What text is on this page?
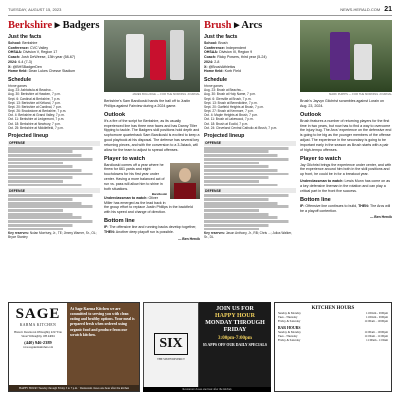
TUESDAY, AUGUST 15, 2023	NEWS-HERALD.COM 21
Berkshire ▸ Badgers
Just the facts
School: Berkshire
Conference: CVC Valley
OHSAA: Division V, Region 17
Coach: Josh DeWeese, 13th year (58-67)
2024: 6-4 (7-3)
X: @BHSBadgerDen
Home field: Dean Lukes Chesse Stadium
Schedule
Home games
Aug. 23: Ashtabula at Beachw...
Aug. 30: Berkshire at Hawken, 7 p.m.
Sept. 6: Cardinal at Berkshire, 7 p.m.
Sept. 13: Berkshire at Kirtland, 7 p.m.
Sept. 20: Berkshire at Cardinal, 7 p.m.
Sept. 26: Brookstone at Berkshire, 7 p.m.
Oct. 4: Berkshire at Grand Valley, 7 p.m.
Oct. 11: Berkshire at Ledgemont, 7 p.m.
Oct. 18: Berkshire at Newbury, 7 p.m.
Oct. 25: Berkshire at Middlefield, 7 p.m.
Projected lineup
OFFENSE
DEFENSE
Key reserves: Nolan Morrisey, Jr., TE; Jimmy Warner, Sr., OL; Bryce Stanley
JAMES BOLLIDGE — FOR THE MORNING JOURNAL
Berkshire's Sam Barcikoski hands the ball off to Justin Phillips against Fairview during a 2024 game.
Outlook
It's a fire of the script for Berkshire, as its usually experienced line has three new faces and has Danny Tiller flipping to tackle. The Badgers skill positions hold depth and sophomore quarterback Sam Barcikoski is excited to keep a good playbook at his disposal. The defense has several key returning pieces, and with the conversion to a 3-3stack, will allow for the team to adjust to spread offenses.
Player to watch
Barcikoski comes off a year where he threw for 661 yards and eight touchdowns for his first year under center. Having a more balanced act of run vs. pass will allow him to shine in both situations.
Barcikoski
Underclassman to watch: Oliver Miller has emerged as the lead back in the group effort to replace Justin Phillips in the backfield with his speed and change of direction.
Bottom line
IF: The offensive line and running backs develop together, THEN: Another deep playoff run is possible.
— Ben Hercik
Brush ▸ Arcs
Just the facts
School: Brush
Conference: Independent
OHSAA: Division III, Region 9
Coach: Ricky Powers, third year (5-24)
2024: 2-8
X: @BrushAthletics
Home field: Korb Field
Schedule
Home games
Aug. 23: Brush at Beachw...
Aug. 30: Brush at Holy Name, 7 p.m.
Sept. 6: Glenville at Brush, 7 p.m.
Sept. 13: Brush at Benedictine, 7 p.m.
Sept. 20: Garfield Heights at Brush, 7 p.m.
Sept. 27: Brush at Kenmore, 7 p.m.
Oct. 4: Maple Heights at Brush, 7 p.m.
Oct. 11: Brush at Lakewood, 7 p.m.
Oct. 18: Brush at Euclid, 7 p.m.
Oct. 24: Cleveland Central Catholic at Brush, 7 p.m.
Projected lineup
OFFENSE
DEFENSE
Key reserves: Jason Anthony, Jr., RB; Chris ...; Julius Walker, Sr., DL
MARK PHIPPS — FOR THE MORNING JOURNAL
Brush's Jayvyn Gilchrist scrambles against Lorain on Aug. 23, 2024.
Outlook
Brush features a number of returning players for the first time in two years, but now has to find a way to overcome the injury bug. The Arcs' experience on the defensive end is going to be big as the younger members of the offense adjust. The experience in the secondary is going to be important early in the season as Brush starts with a pair of high-tempo offenses.
Player to watch
Jay Gilchrist brings the experience under center, and with the experience around him both in the skill positions and up front, he could be in for a breakout year.
Underclassman to watch: Lewis Munn has come on as a key defensive lineman in the rotation and can play a critical part in the front five success.
Bottom line
IF: Offensive line continues to build, THEN: The Arcs will be a playoff contention.
— Ben Hercik
SAGE
KARMA KITCHEN
Historic Downtown Willoughby 4197 Erie Street Willoughby, OH 44094
(440) 946-2389
www.sagekarmakitchen.com
At Sage Karma Kitchen we are committed to serving you with clean eating and healthy options. Your meal is prepared fresh when ordered using organic food and produce from our scratch kitchen.
HAPPY HOUR! Tuesday through Friday 3 to 7 p.m. · Restaurant closes one hour after the kitchen
SIX
THE SIXTH DISTRICT
JOIN US FOR
HAPPY HOUR
MONDAY THROUGH FRIDAY
3:00pm-7:00pm
$5 APPS OFF OUR DAILY SPECIALS
Restaurant closes one hour after the kitchen
KITCHEN HOURS
Sunday & Monday	11:00am - 9:00pm
Tues - Thursday	11:00am - 9:00pm
Friday & Saturday	11:00am - 10:00pm
BAR HOURS
Sunday & Monday	11:00am - 10:00pm
Tues - Thursday	11:00am - 11:00pm
Friday & Saturday	11:00am - 1:00am
